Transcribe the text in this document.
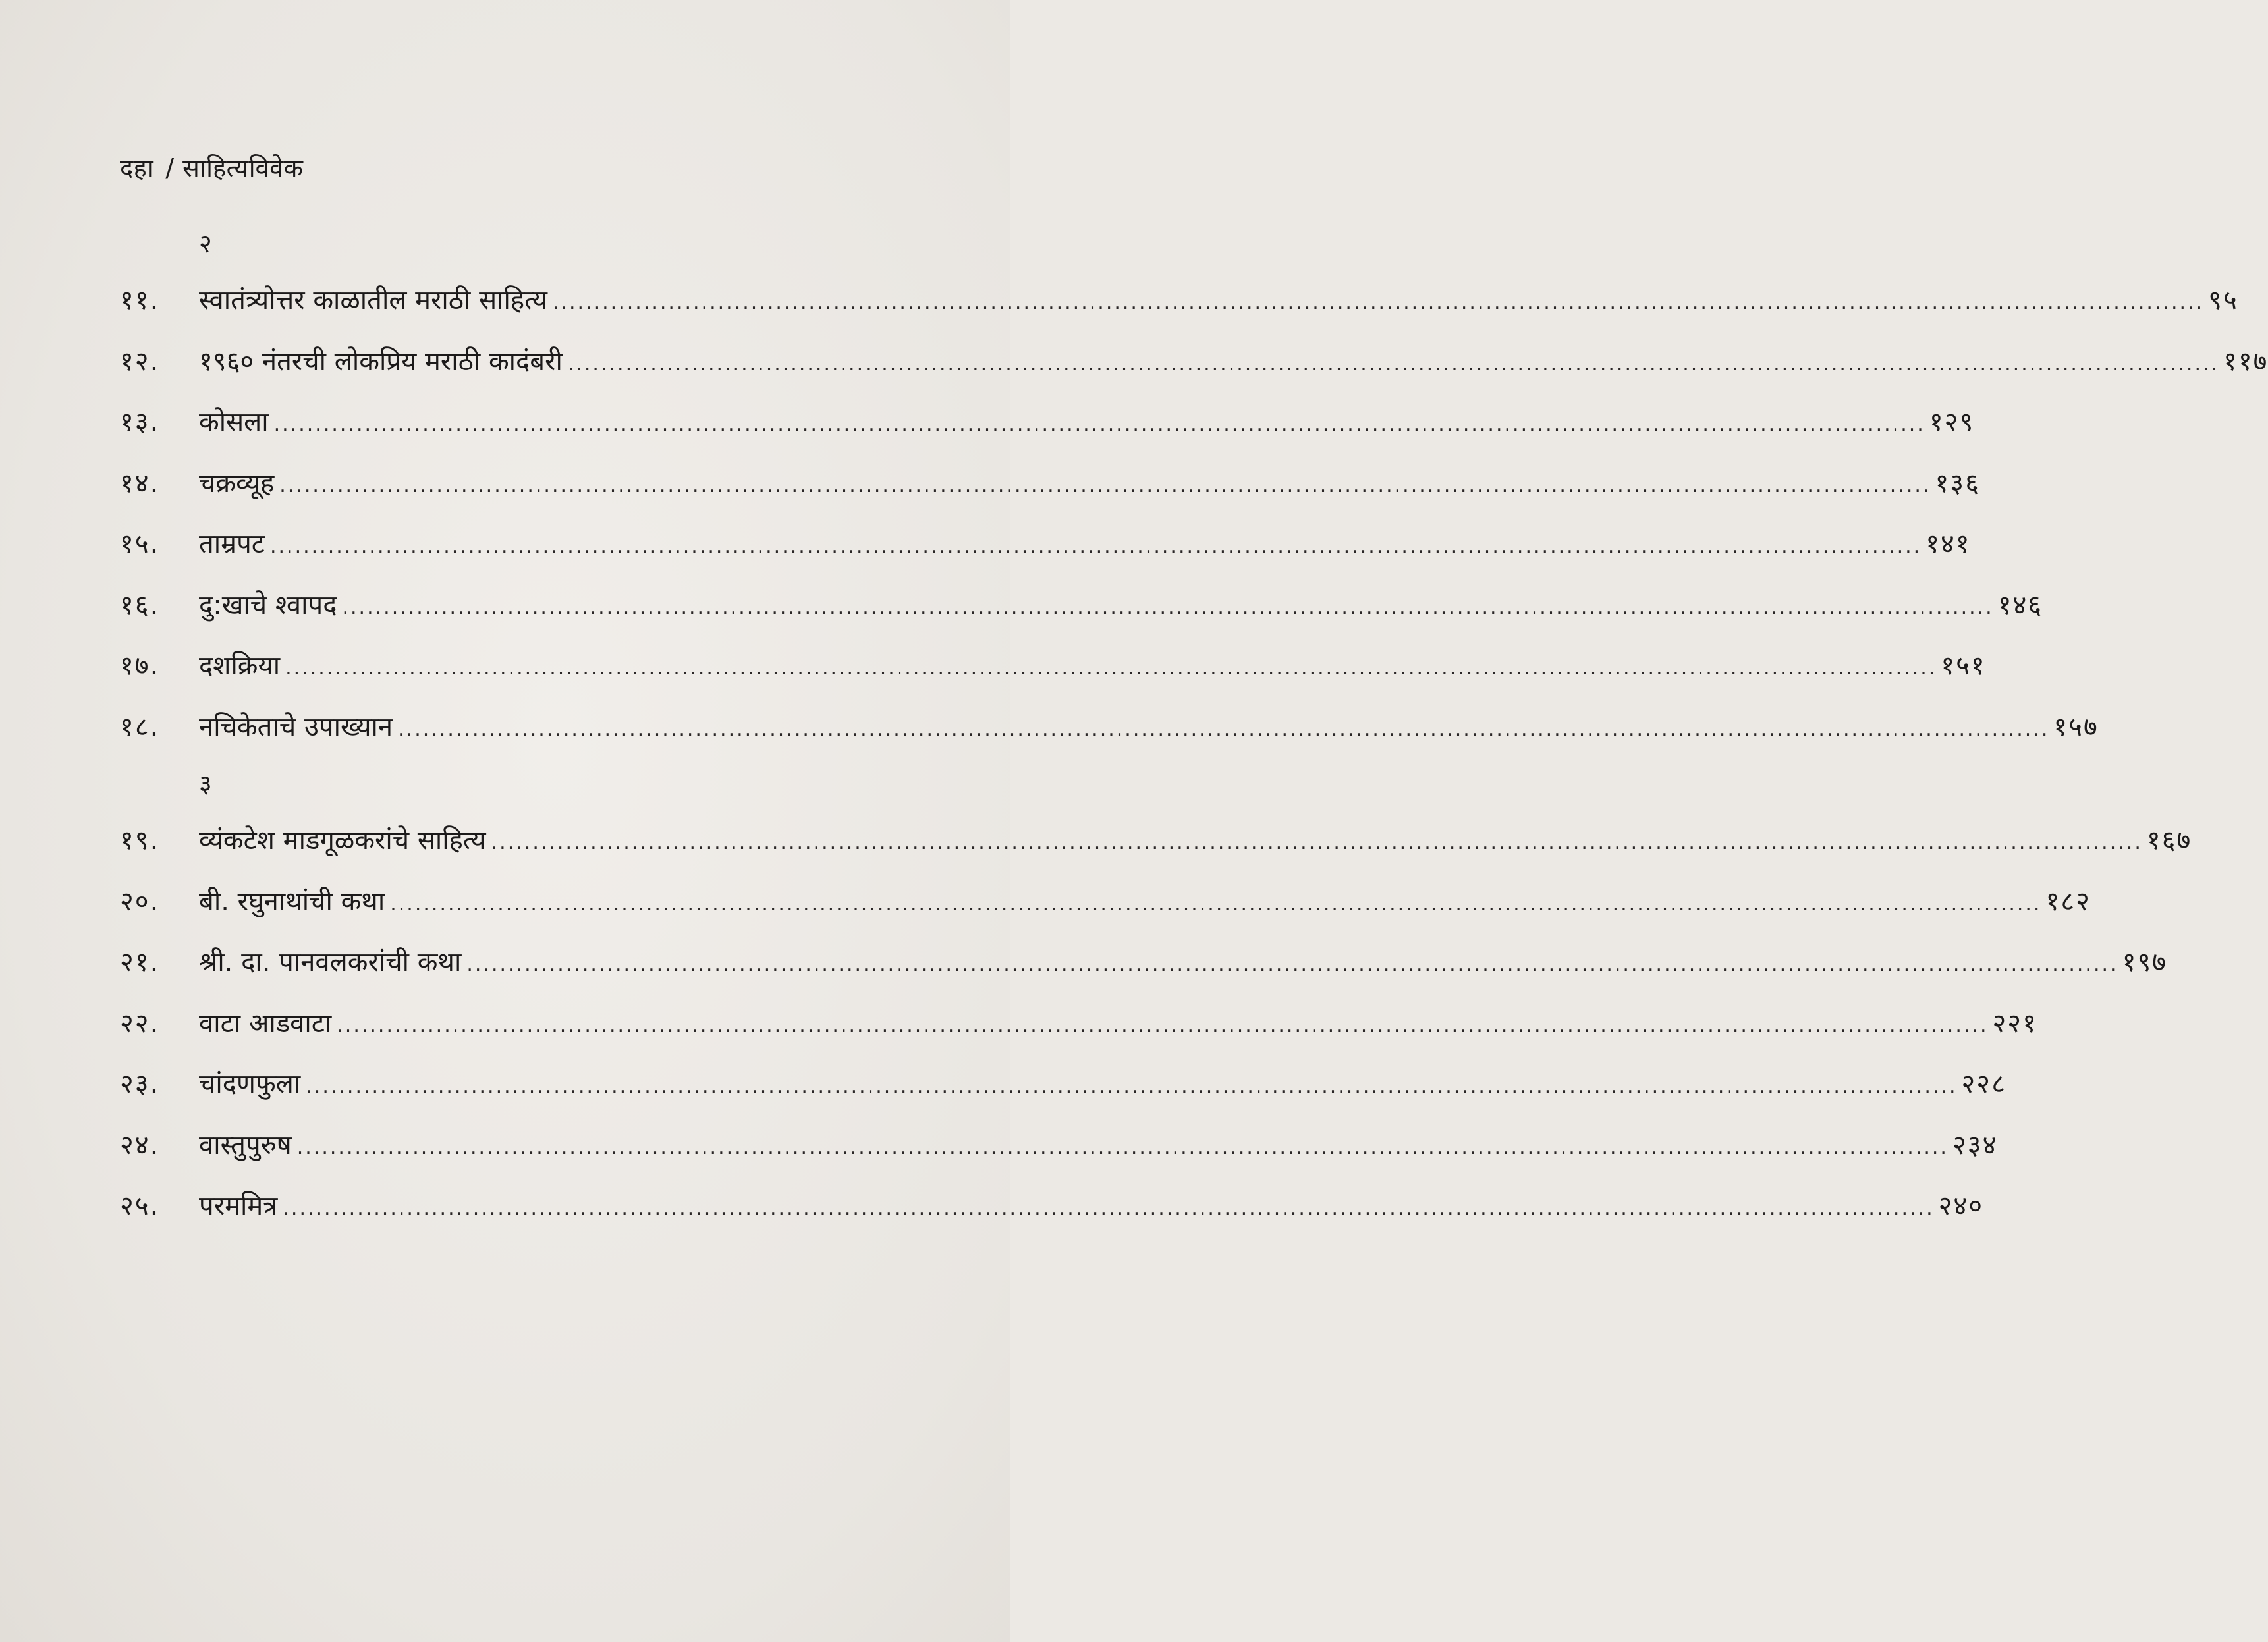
दहा / साहित्यविवेक
२
११.	स्वातंत्र्योत्तर काळातील मराठी साहित्य ........................................................................................................................................................................................................ ९५
१२.	१९६० नंतरची लोकप्रिय मराठी कादंबरी ........................................................................................................................................................................................................ ११७
१३.	कोसला ........................................................................................................................................................................................................ १२९
१४.	चक्रव्यूह ........................................................................................................................................................................................................ १३६
१५.	ताम्रपट ........................................................................................................................................................................................................ १४१
१६.	दु:खाचे श्वापद ........................................................................................................................................................................................................ १४६
१७.	दशक्रिया ........................................................................................................................................................................................................ १५१
१८.	नचिकेताचे उपाख्यान ........................................................................................................................................................................................................ १५७
३
१९.	व्यंकटेश माडगूळकरांचे साहित्य ........................................................................................................................................................................................................ १६७
२०.	बी. रघुनाथांची कथा ........................................................................................................................................................................................................ १८२
२१.	श्री. दा. पानवलकरांची कथा ........................................................................................................................................................................................................ १९७
२२.	वाटा आडवाटा ........................................................................................................................................................................................................ २२१
२३.	चांदणफुला ........................................................................................................................................................................................................ २२८
२४.	वास्तुपुरुष ........................................................................................................................................................................................................ २३४
२५.	परममित्र ........................................................................................................................................................................................................ २४०
